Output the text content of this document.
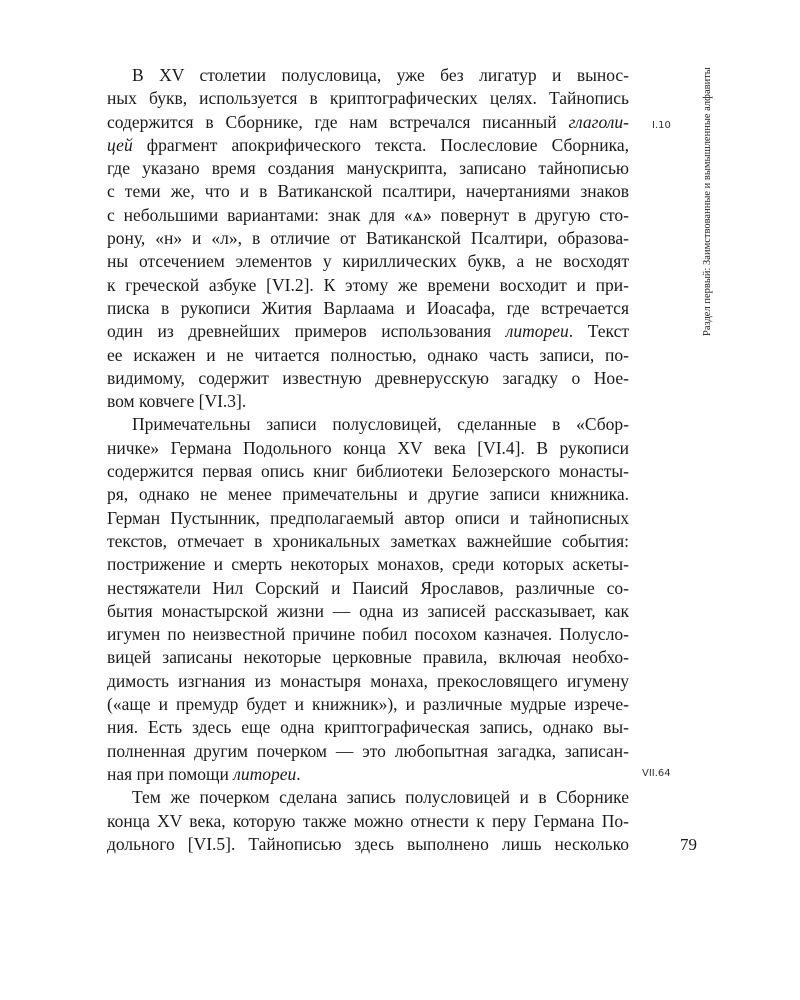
В XV столетии полусловица, уже без лигатур и вынос-
ных букв, используется в криптографических целях. Тайнопись
содержится в Сборнике, где нам встречался писанный глаголи-
цей фрагмент апокрифического текста. Послесловие Сборника,
где указано время создания манускрипта, записано тайнописью
с теми же, что и в Ватиканской псалтири, начертаниями знаков
с небольшими вариантами: знак для «ѧ» повернут в другую сто-
рону, «н» и «л», в отличие от Ватиканской Псалтири, образова-
ны отсечением элементов у кириллических букв, а не восходят
к греческой азбуке [VI.2]. К этому же времени восходит и при-
писка в рукописи Жития Варлаама и Иоасафа, где встречается
один из древнейших примеров использования литореи. Текст
ее искажен и не читается полностью, однако часть записи, по-
видимому, содержит известную древнерусскую загадку о Ное-
вом ковчеге [VI.3].
Примечательны записи полусловицей, сделанные в «Сбор-
ничке» Германа Подольного конца XV века [VI.4]. В рукописи
содержится первая опись книг библиотеки Белозерского монасты-
ря, однако не менее примечательны и другие записи книжника.
Герман Пустынник, предполагаемый автор описи и тайнописных
текстов, отмечает в хроникальных заметках важнейшие события:
пострижение и смерть некоторых монахов, среди которых аскеты-
нестяжатели Нил Сорский и Паисий Ярославов, различные со-
бытия монастырской жизни — одна из записей рассказывает, как
игумен по неизвестной причине побил посохом казначея. Полусло-
вицей записаны некоторые церковные правила, включая необхо-
димость изгнания из монастыря монаха, прекословящего игумену
(«аще и премудр будет и книжник»), и различные мудрые изрече-
ния. Есть здесь еще одна криптографическая запись, однако вы-
полненная другим почерком — это любопытная загадка, записан-
ная при помощи литореи.
Тем же почерком сделана запись полусловицей и в Сборнике
конца XV века, которую также можно отнести к перу Германа По-
дольного [VI.5]. Тайнописью здесь выполнено лишь несколько
I.10
VII.64
79
Раздел первый: Заимствованные и вымышленные алфавиты
